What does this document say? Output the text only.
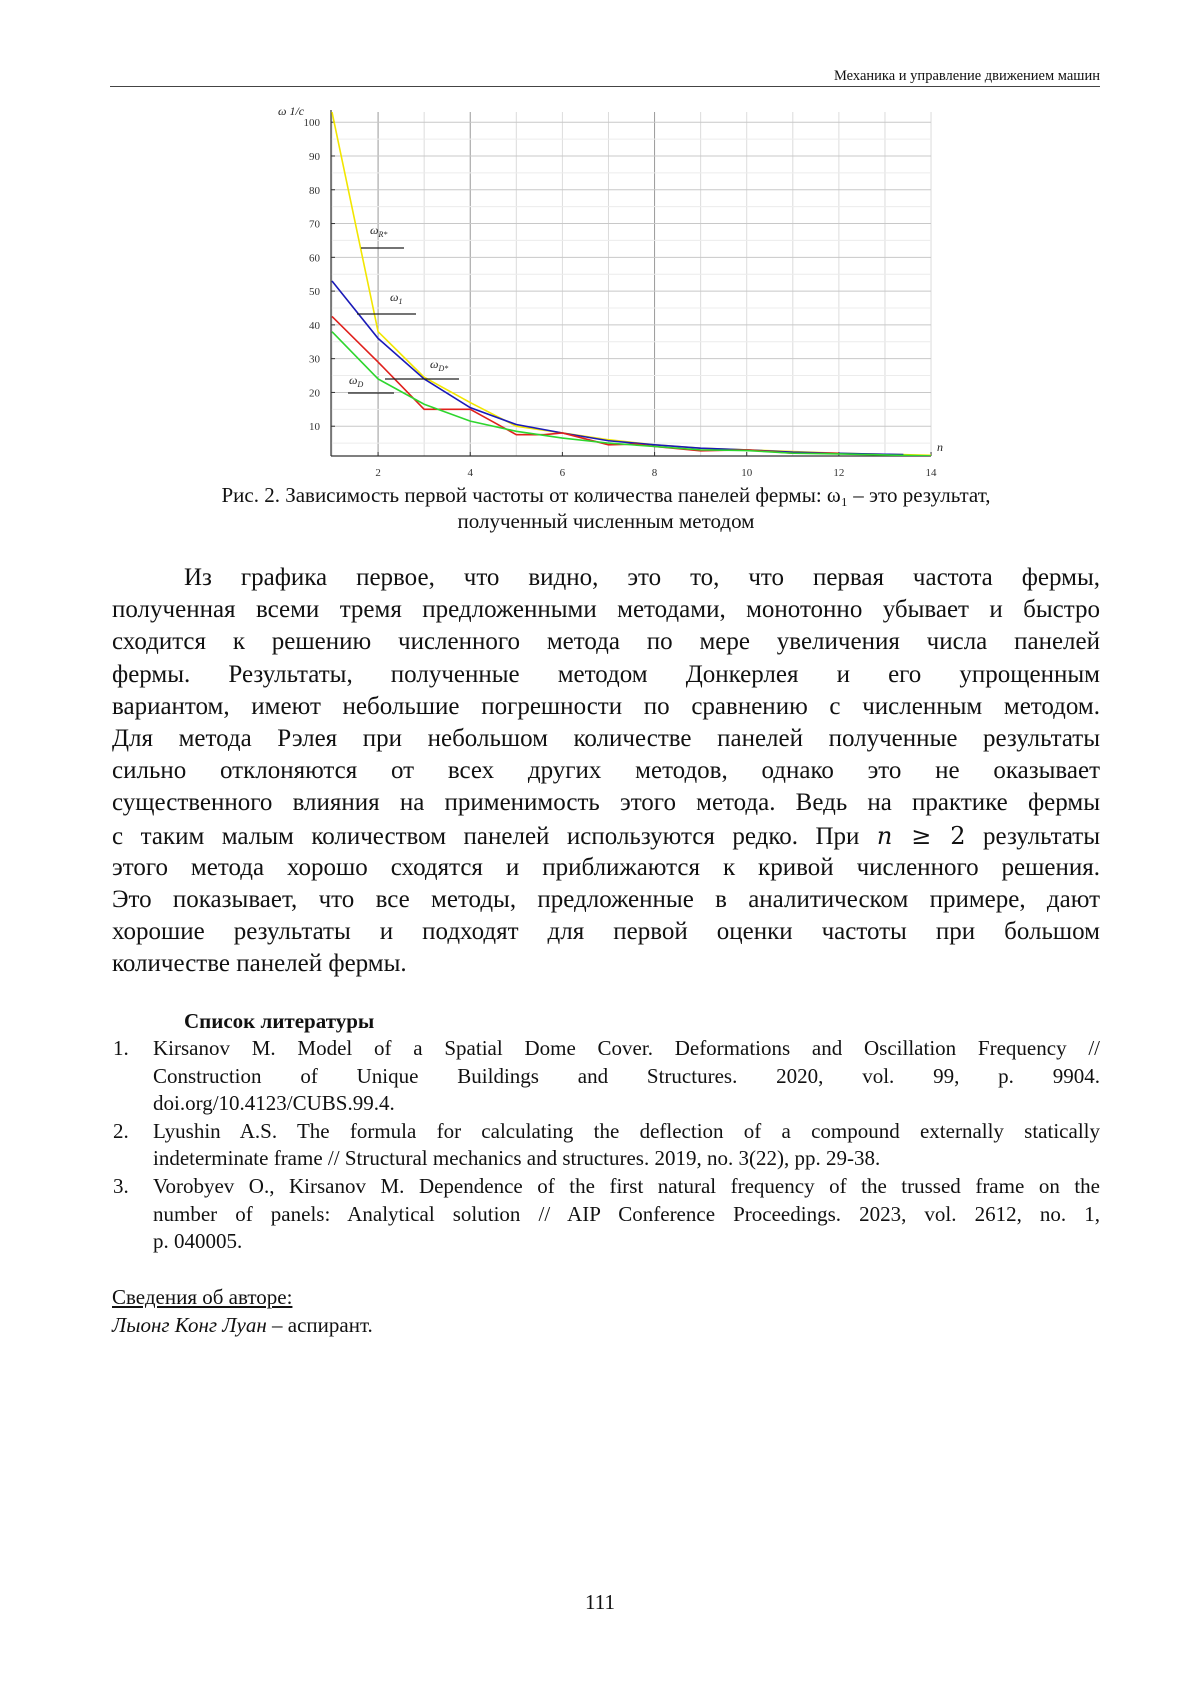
Механика и управление движением машин
10
20
30
40
50
60
70
80
90
100
2	4	6	8	10	12	14
ω 1/c
n
ωR*
ω1
ωD*
ωD
Рис. 2. Зависимость первой частоты от количества панелей фермы: ω₁ – это результат,
полученный численным методом
Из графика первое, что видно, это то, что первая частота фермы,
полученная всеми тремя предложенными методами, монотонно убывает и быстро
сходится к решению численного метода по мере увеличения числа панелей
фермы. Результаты, полученные методом Донкерлея и его упрощенным
вариантом, имеют небольшие погрешности по сравнению с численным методом.
Для метода Рэлея при небольшом количестве панелей полученные результаты
сильно отклоняются от всех других методов, однако это не оказывает
существенного влияния на применимость этого метода. Ведь на практике фермы
с таким малым количеством панелей используются редко. При n ≥ 2 результаты
этого метода хорошо сходятся и приближаются к кривой численного решения.
Это показывает, что все методы, предложенные в аналитическом примере, дают
хорошие результаты и подходят для первой оценки частоты при большом
количестве панелей фермы.
Список литературы
1. Kirsanov M. Model of a Spatial Dome Cover. Deformations and Oscillation Frequency //
Construction of Unique Buildings and Structures. 2020, vol. 99, p. 9904.
doi.org/10.4123/CUBS.99.4.
2. Lyushin A.S. The formula for calculating the deflection of a compound externally statically
indeterminate frame // Structural mechanics and structures. 2019, no. 3(22), pp. 29-38.
3. Vorobyev O., Kirsanov M. Dependence of the first natural frequency of the trussed frame on the
number of panels: Analytical solution // AIP Conference Proceedings. 2023, vol. 2612, no. 1,
p. 040005.
Сведения об авторе:
Лыонг Конг Луан – аспирант.
111
